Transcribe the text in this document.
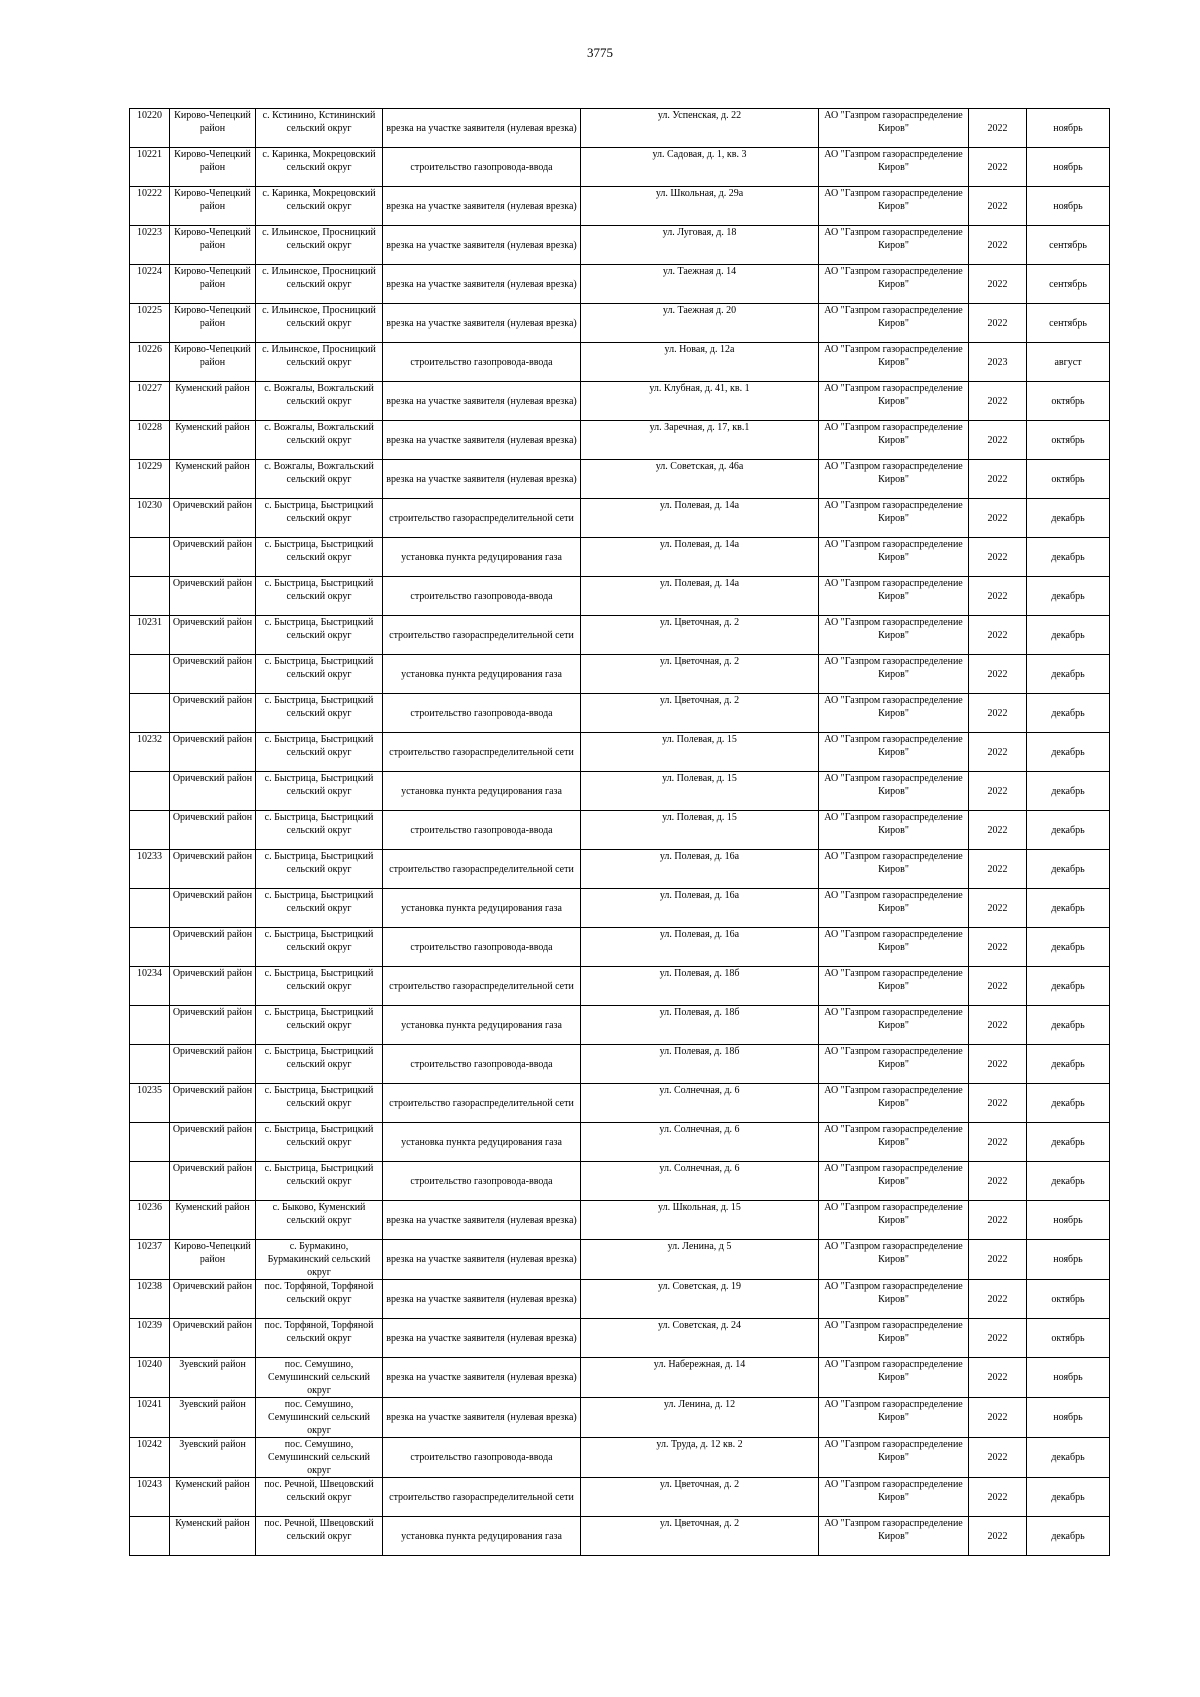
3775
10220	Кирово-Чепецкий район	с. Кстинино, Кстининский сельский округ	врезка на участке заявителя (нулевая врезка)	ул. Успенская, д. 22	АО "Газпром газораспределение Киров"	2022	ноябрь
10221	Кирово-Чепецкий район	с. Каринка, Мокрецовский сельский округ	строительство газопровода-ввода	ул. Садовая, д. 1, кв. 3	АО "Газпром газораспределение Киров"	2022	ноябрь
10222	Кирово-Чепецкий район	с. Каринка, Мокрецовский сельский округ	врезка на участке заявителя (нулевая врезка)	ул. Школьная, д. 29а	АО "Газпром газораспределение Киров"	2022	ноябрь
10223	Кирово-Чепецкий район	с. Ильинское, Просницкий сельский округ	врезка на участке заявителя (нулевая врезка)	ул. Луговая, д. 18	АО "Газпром газораспределение Киров"	2022	сентябрь
10224	Кирово-Чепецкий район	с. Ильинское, Просницкий сельский округ	врезка на участке заявителя (нулевая врезка)	ул. Таежная д. 14	АО "Газпром газораспределение Киров"	2022	сентябрь
10225	Кирово-Чепецкий район	с. Ильинское, Просницкий сельский округ	врезка на участке заявителя (нулевая врезка)	ул. Таежная д. 20	АО "Газпром газораспределение Киров"	2022	сентябрь
10226	Кирово-Чепецкий район	с. Ильинское, Просницкий сельский округ	строительство газопровода-ввода	ул. Новая, д. 12а	АО "Газпром газораспределение Киров"	2023	август
10227	Куменский район	с. Вожгалы, Вожгальский сельский округ	врезка на участке заявителя (нулевая врезка)	ул. Клубная, д. 41, кв. 1	АО "Газпром газораспределение Киров"	2022	октябрь
10228	Куменский район	с. Вожгалы, Вожгальский сельский округ	врезка на участке заявителя (нулевая врезка)	ул. Заречная, д. 17, кв.1	АО "Газпром газораспределение Киров"	2022	октябрь
10229	Куменский район	с. Вожгалы, Вожгальский сельский округ	врезка на участке заявителя (нулевая врезка)	ул. Советская, д. 46а	АО "Газпром газораспределение Киров"	2022	октябрь
10230	Оричевский район	с. Быстрица, Быстрицкий сельский округ	строительство газораспределительной сети	ул. Полевая, д. 14а	АО "Газпром газораспределение Киров"	2022	декабрь
	Оричевский район	с. Быстрица, Быстрицкий сельский округ	установка пункта редуцирования газа	ул. Полевая, д. 14а	АО "Газпром газораспределение Киров"	2022	декабрь
	Оричевский район	с. Быстрица, Быстрицкий сельский округ	строительство газопровода-ввода	ул. Полевая, д. 14а	АО "Газпром газораспределение Киров"	2022	декабрь
10231	Оричевский район	с. Быстрица, Быстрицкий сельский округ	строительство газораспределительной сети	ул. Цветочная, д. 2	АО "Газпром газораспределение Киров"	2022	декабрь
	Оричевский район	с. Быстрица, Быстрицкий сельский округ	установка пункта редуцирования газа	ул. Цветочная, д. 2	АО "Газпром газораспределение Киров"	2022	декабрь
	Оричевский район	с. Быстрица, Быстрицкий сельский округ	строительство газопровода-ввода	ул. Цветочная, д. 2	АО "Газпром газораспределение Киров"	2022	декабрь
10232	Оричевский район	с. Быстрица, Быстрицкий сельский округ	строительство газораспределительной сети	ул. Полевая, д. 15	АО "Газпром газораспределение Киров"	2022	декабрь
	Оричевский район	с. Быстрица, Быстрицкий сельский округ	установка пункта редуцирования газа	ул. Полевая, д. 15	АО "Газпром газораспределение Киров"	2022	декабрь
	Оричевский район	с. Быстрица, Быстрицкий сельский округ	строительство газопровода-ввода	ул. Полевая, д. 15	АО "Газпром газораспределение Киров"	2022	декабрь
10233	Оричевский район	с. Быстрица, Быстрицкий сельский округ	строительство газораспределительной сети	ул. Полевая, д. 16а	АО "Газпром газораспределение Киров"	2022	декабрь
	Оричевский район	с. Быстрица, Быстрицкий сельский округ	установка пункта редуцирования газа	ул. Полевая, д. 16а	АО "Газпром газораспределение Киров"	2022	декабрь
	Оричевский район	с. Быстрица, Быстрицкий сельский округ	строительство газопровода-ввода	ул. Полевая, д. 16а	АО "Газпром газораспределение Киров"	2022	декабрь
10234	Оричевский район	с. Быстрица, Быстрицкий сельский округ	строительство газораспределительной сети	ул. Полевая, д. 18б	АО "Газпром газораспределение Киров"	2022	декабрь
	Оричевский район	с. Быстрица, Быстрицкий сельский округ	установка пункта редуцирования газа	ул. Полевая, д. 18б	АО "Газпром газораспределение Киров"	2022	декабрь
	Оричевский район	с. Быстрица, Быстрицкий сельский округ	строительство газопровода-ввода	ул. Полевая, д. 18б	АО "Газпром газораспределение Киров"	2022	декабрь
10235	Оричевский район	с. Быстрица, Быстрицкий сельский округ	строительство газораспределительной сети	ул. Солнечная, д. 6	АО "Газпром газораспределение Киров"	2022	декабрь
	Оричевский район	с. Быстрица, Быстрицкий сельский округ	установка пункта редуцирования газа	ул. Солнечная, д. 6	АО "Газпром газораспределение Киров"	2022	декабрь
	Оричевский район	с. Быстрица, Быстрицкий сельский округ	строительство газопровода-ввода	ул. Солнечная, д. 6	АО "Газпром газораспределение Киров"	2022	декабрь
10236	Куменский район	с. Быково, Куменский сельский округ	врезка на участке заявителя (нулевая врезка)	ул. Школьная, д. 15	АО "Газпром газораспределение Киров"	2022	ноябрь
10237	Кирово-Чепецкий район	с. Бурмакино, Бурмакинский сельский округ	врезка на участке заявителя (нулевая врезка)	ул. Ленина, д 5	АО "Газпром газораспределение Киров"	2022	ноябрь
10238	Оричевский район	пос. Торфяной, Торфяной сельский округ	врезка на участке заявителя (нулевая врезка)	ул. Советская, д. 19	АО "Газпром газораспределение Киров"	2022	октябрь
10239	Оричевский район	пос. Торфяной, Торфяной сельский округ	врезка на участке заявителя (нулевая врезка)	ул. Советская, д. 24	АО "Газпром газораспределение Киров"	2022	октябрь
10240	Зуевский район	пос. Семушино, Семушинский сельский округ	врезка на участке заявителя (нулевая врезка)	ул. Набережная, д. 14	АО "Газпром газораспределение Киров"	2022	ноябрь
10241	Зуевский район	пос. Семушино, Семушинский сельский округ	врезка на участке заявителя (нулевая врезка)	ул. Ленина, д. 12	АО "Газпром газораспределение Киров"	2022	ноябрь
10242	Зуевский район	пос. Семушино, Семушинский сельский округ	строительство газопровода-ввода	ул. Труда, д. 12 кв. 2	АО "Газпром газораспределение Киров"	2022	декабрь
10243	Куменский район	пос. Речной, Швецовский сельский округ	строительство газораспределительной сети	ул. Цветочная, д. 2	АО "Газпром газораспределение Киров"	2022	декабрь
	Куменский район	пос. Речной, Швецовский сельский округ	установка пункта редуцирования газа	ул. Цветочная, д. 2	АО "Газпром газораспределение Киров"	2022	декабрь
